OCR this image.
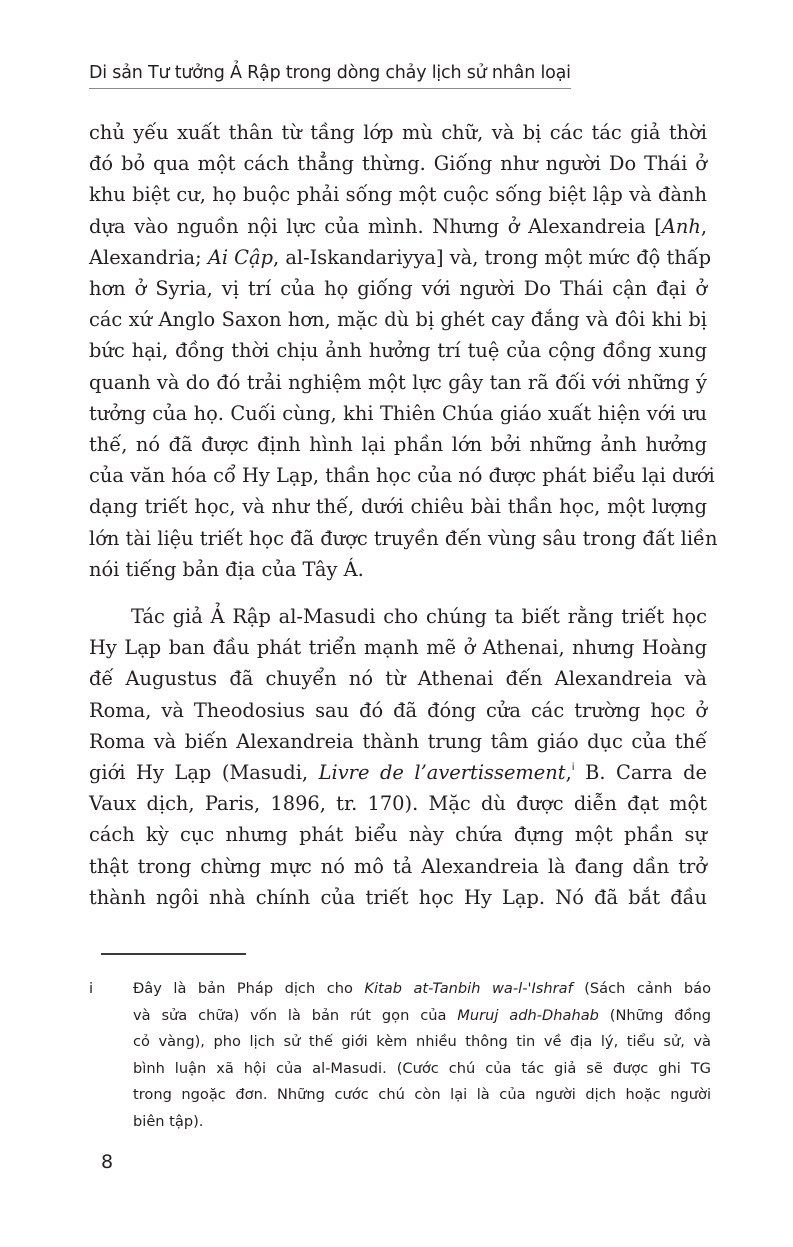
Di sản Tư tưởng Ả Rập trong dòng chảy lịch sử nhân loại
chủ yếu xuất thân từ tầng lớp mù chữ, và bị các tác giả thời
đó bỏ qua một cách thẳng thừng. Giống như người Do Thái ở
khu biệt cư, họ buộc phải sống một cuộc sống biệt lập và đành
dựa vào nguồn nội lực của mình. Nhưng ở Alexandreia [Anh,
Alexandria; Ai Cập, al-Iskandariyya] và, trong một mức độ thấp
hơn ở Syria, vị trí của họ giống với người Do Thái cận đại ở
các xứ Anglo Saxon hơn, mặc dù bị ghét cay đắng và đôi khi bị
bức hại, đồng thời chịu ảnh hưởng trí tuệ của cộng đồng xung
quanh và do đó trải nghiệm một lực gây tan rã đối với những ý
tưởng của họ. Cuối cùng, khi Thiên Chúa giáo xuất hiện với ưu
thế, nó đã được định hình lại phần lớn bởi những ảnh hưởng
của văn hóa cổ Hy Lạp, thần học của nó được phát biểu lại dưới
dạng triết học, và như thế, dưới chiêu bài thần học, một lượng
lớn tài liệu triết học đã được truyền đến vùng sâu trong đất liền
nói tiếng bản địa của Tây Á.
Tác giả Ả Rập al-Masudi cho chúng ta biết rằng triết học
Hy Lạp ban đầu phát triển mạnh mẽ ở Athenai, nhưng Hoàng
đế Augustus đã chuyển nó từ Athenai đến Alexandreia và
Roma, và Theodosius sau đó đã đóng cửa các trường học ở
Roma và biến Alexandreia thành trung tâm giáo dục của thế
giới Hy Lạp (Masudi, Livre de l’avertissement,$^i$ B. Carra de
Vaux dịch, Paris, 1896, tr. 170). Mặc dù được diễn đạt một
cách kỳ cục nhưng phát biểu này chứa đựng một phần sự
thật trong chừng mực nó mô tả Alexandreia là đang dần trở
thành ngôi nhà chính của triết học Hy Lạp. Nó đã bắt đầu
i	Đây là bản Pháp dịch cho Kitab at-Tanbih wa-l-'Ishraf (Sách cảnh báo
và sửa chữa) vốn là bản rút gọn của Muruj adh-Dhahab (Những đồng
cỏ vàng), pho lịch sử thế giới kèm nhiều thông tin về địa lý, tiểu sử, và
bình luận xã hội của al-Masudi. (Cước chú của tác giả sẽ được ghi TG
trong ngoặc đơn. Những cước chú còn lại là của người dịch hoặc người
biên tập).
8
